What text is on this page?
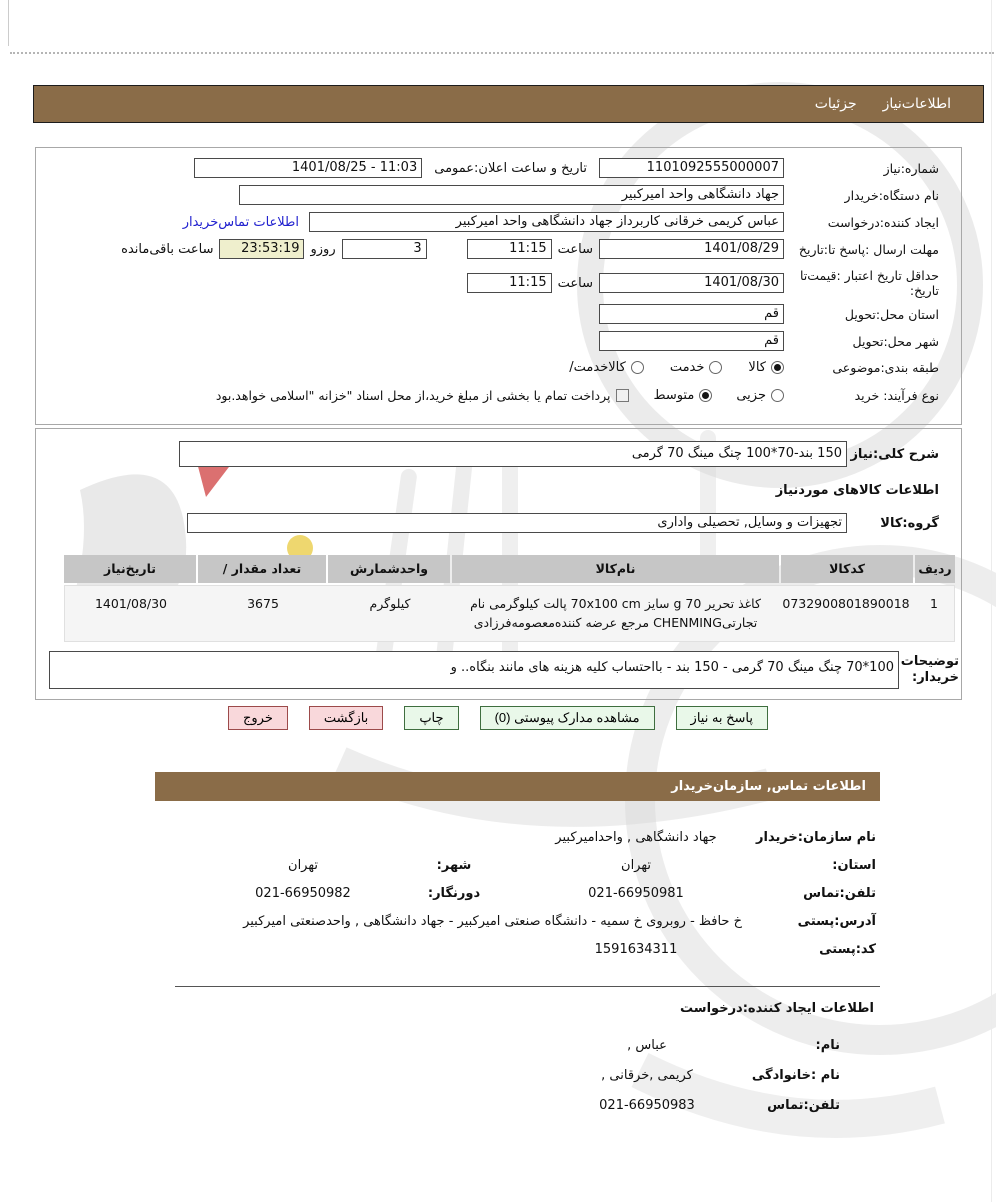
اطلاعات‌نیاز
جزئیات
شماره:نیاز
1101092555000007
تاریخ و ساعت اعلان:عمومی
1401/08/25 - 11:03
نام دستگاه:خریدار
جهاد دانشگاهی واحد امیرکبیر
ایجاد کننده:درخواست
عباس کریمی خرقانی کاربرداز جهاد دانشگاهی واحد امیرکبیر
اطلاعات تماس‌خریدار
مهلت ارسال :پاسخ تا:تاریخ
1401/08/29
ساعت
11:15
3
روزو
23:53:19
ساعت باقی‌مانده
حداقل تاریخ اعتبار :قیمت‌تا
تاریخ:
1401/08/30
ساعت
11:15
استان محل:تحویل
قم
شهر محل:تحویل
قم
طبقه بندی:موضوعی
کالا
خدمت
کالاخدمت/
نوع فرآیند: خرید
جزیی
متوسط
پرداخت تمام یا بخشی از مبلغ خرید،از محل اسناد "خزانه "اسلامی خواهد.بود
شرح کلی:نیاز
150 بند-70*100 چنگ مینگ 70 گرمی
اطلاعات کالاهای موردنیاز
گروه:کالا
تجهیزات و وسایل, تحصیلی واداری
ردیف
کدکالا
نام‌کالا
واحدشمارش
تعداد مقدار /
تاریخ‌نیاز
1
0732900801890018
کاغذ تحریر g 70 سایز 70x100 cm پالت کیلوگرمی نام تجارتیCHENMING مرجع عرضه کننده‌معصومه‌فرزادی
کیلوگرم
3675
1401/08/30
توضیحات
خریدار:
100*70 چنگ مینگ 70 گرمی - 150 بند - بااحتساب کلیه هزینه های مانند بنگاه.. و
پاسخ به نیاز
مشاهده مدارک پیوستی (0)
چاپ
بازگشت
خروج
اطلاعات تماس, سازمان‌خریدار
نام سازمان:خریدار
جهاد دانشگاهی , واحدامیرکبیر
استان:
تهران
شهر:
تهران
تلفن:تماس
021-66950981
دورنگار:
021-66950982
آدرس:پستی
خ حافظ - روبروی خ سمیه - دانشگاه صنعتی امیرکبیر - جهاد دانشگاهی , واحدصنعتی امیرکبیر
کد:پستی
1591634311
اطلاعات ایجاد کننده:درخواست
نام:
عباس ,
نام :خانوادگی
کریمی ,خرقانی ,
تلفن:تماس
021-66950983
